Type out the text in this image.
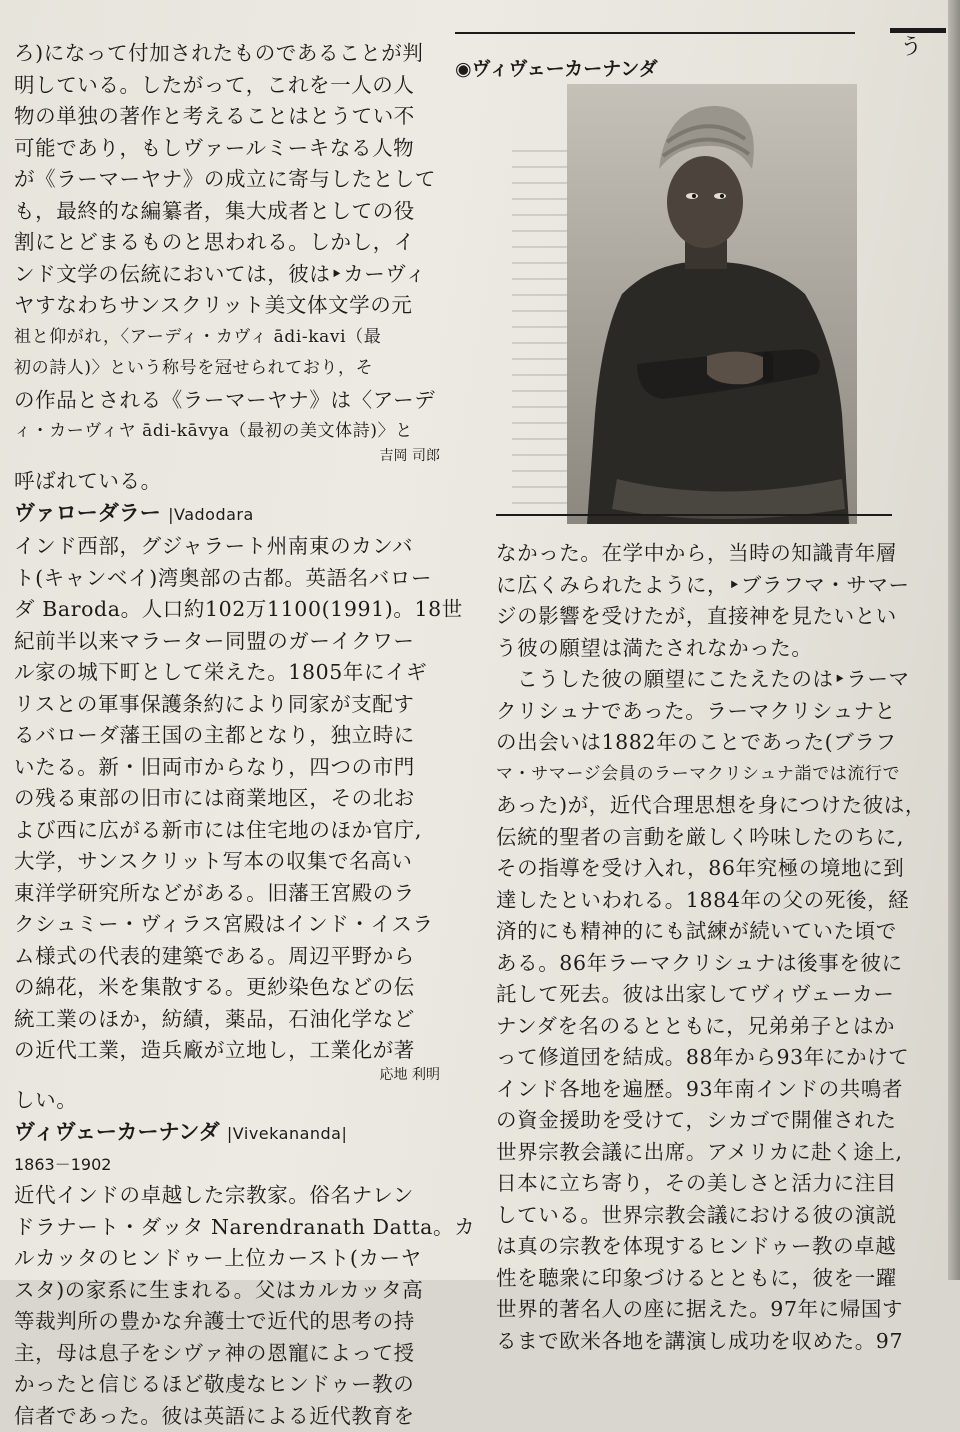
う
ろ)になって付加されたものであることが判
明している。したがって，これを一人の人
物の単独の著作と考えることはとうてい不
可能であり，もしヴァールミーキなる人物
が《ラーマーヤナ》の成立に寄与したとして
も，最終的な編纂者，集大成者としての役
割にとどまるものと思われる。しかし，イ
ンド文学の伝統においては，彼は‣カーヴィ
ヤすなわちサンスクリット美文体文学の元
祖と仰がれ，〈アーディ・カヴィ ādi-kavi（最
初の詩人)〉という称号を冠せられており，そ
の作品とされる《ラーマーヤナ》は〈アーデ
ィ・カーヴィヤ ādi-kāvya（最初の美文体詩)〉と
吉岡 司郎
呼ばれている。
ヴァローダラー |Vadodara
インド西部，グジャラート州南東のカンバ
ト(キャンベイ)湾奥部の古都。英語名バロー
ダ Baroda。人口約102万1100(1991)。18世
紀前半以来マラーター同盟のガーイクワー
ル家の城下町として栄えた。1805年にイギ
リスとの軍事保護条約により同家が支配す
るバローダ藩王国の主都となり，独立時に
いたる。新・旧両市からなり，四つの市門
の残る東部の旧市には商業地区，その北お
よび西に広がる新市には住宅地のほか官庁,
大学，サンスクリット写本の収集で名高い
東洋学研究所などがある。旧藩王宮殿のラ
クシュミー・ヴィラス宮殿はインド・イスラ
ム様式の代表的建築である。周辺平野から
の綿花，米を集散する。更紗染色などの伝
統工業のほか，紡績，薬品，石油化学など
の近代工業，造兵廠が立地し，工業化が著
応地 利明
しい。
ヴィヴェーカーナンダ |Vivekananda|
1863－1902
近代インドの卓越した宗教家。俗名ナレン
ドラナート・ダッタ Narendranath Datta。カ
ルカッタのヒンドゥー上位カースト(カーヤ
スタ)の家系に生まれる。父はカルカッタ高
等裁判所の豊かな弁護士で近代的思考の持
主，母は息子をシヴァ神の恩寵によって授
かったと信じるほど敬虔なヒンドゥー教の
信者であった。彼は英語による近代教育を
◉ヴィヴェーカーナンダ
なかった。在学中から，当時の知識青年層
に広くみられたように，‣ブラフマ・サマー
ジの影響を受けたが，直接神を見たいとい
う彼の願望は満たされなかった。
　こうした彼の願望にこたえたのは‣ラーマ
クリシュナであった。ラーマクリシュナと
の出会いは1882年のことであった(ブラフ
マ・サマージ会員のラーマクリシュナ詣では流行で
あった)が，近代合理思想を身につけた彼は，
伝統的聖者の言動を厳しく吟味したのちに,
その指導を受け入れ，86年究極の境地に到
達したといわれる。1884年の父の死後，経
済的にも精神的にも試練が続いていた頃で
ある。86年ラーマクリシュナは後事を彼に
託して死去。彼は出家してヴィヴェーカー
ナンダを名のるとともに，兄弟弟子とはか
って修道団を結成。88年から93年にかけて
インド各地を遍歴。93年南インドの共鳴者
の資金援助を受けて，シカゴで開催された
世界宗教会議に出席。アメリカに赴く途上,
日本に立ち寄り，その美しさと活力に注目
している。世界宗教会議における彼の演説
は真の宗教を体現するヒンドゥー教の卓越
性を聴衆に印象づけるとともに，彼を一躍
世界的著名人の座に据えた。97年に帰国す
るまで欧米各地を講演し成功を収めた。97
